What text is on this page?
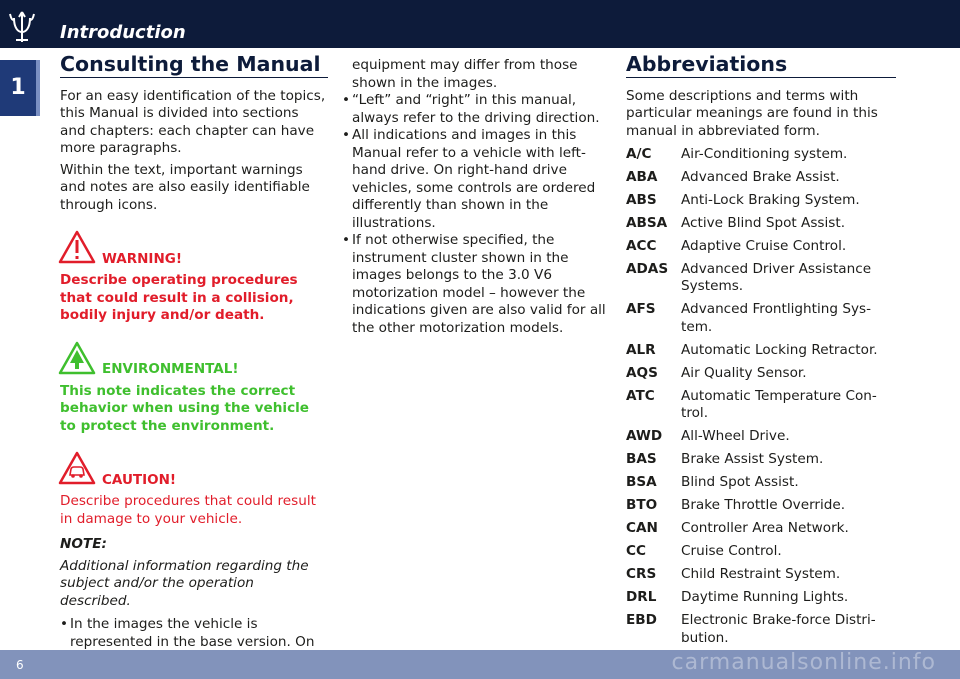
Introduction
1
Consulting the Manual

For an easy identification of the topics, this Manual is divided into sections and chapters: each chapter can have more paragraphs.

Within the text, important warnings and notes are also easily identifiable through icons.

WARNING!

Describe operating procedures that could result in a collision, bodily injury and/or death.

ENVIRONMENTAL!

This note indicates the correct behavior when using the vehicle to protect the environment.

CAUTION!

Describe procedures that could result in damage to your vehicle.

NOTE:

Additional information regarding the subject and/or the operation described.

• In the images the vehicle is represented in the base version. On
equipment may differ from those shown in the images.
• “Left” and “right” in this manual, always refer to the driving direction.
• All indications and images in this Manual refer to a vehicle with left-hand drive. On right-hand drive vehicles, some controls are ordered differently than shown in the illustrations.
• If not otherwise specified, the instrument cluster shown in the images belongs to the 3.0 V6 motorization model – however the indications given are also valid for all the other motorization models.
Abbreviations

Some descriptions and terms with particular meanings are found in this manual in abbreviated form.

A/C	Air-Conditioning system.
ABA	Advanced Brake Assist.
ABS	Anti-Lock Braking System.
ABSA	Active Blind Spot Assist.
ACC	Adaptive Cruise Control.
ADAS Advanced Driver Assistance Systems.
AFS	Advanced Frontlighting Sys-tem.
ALR	Automatic Locking Retractor.
AQS	Air Quality Sensor.
ATC	Automatic Temperature Con-trol.
AWD	All-Wheel Drive.
BAS	Brake Assist System.
BSA	Blind Spot Assist.
BTO	Brake Throttle Override.
CAN	Controller Area Network.
CC	Cruise Control.
CRS	Child Restraint System.
DRL	Daytime Running Lights.
EBD	Electronic Brake-force Distri-bution.
6	carmanualsonline.info
